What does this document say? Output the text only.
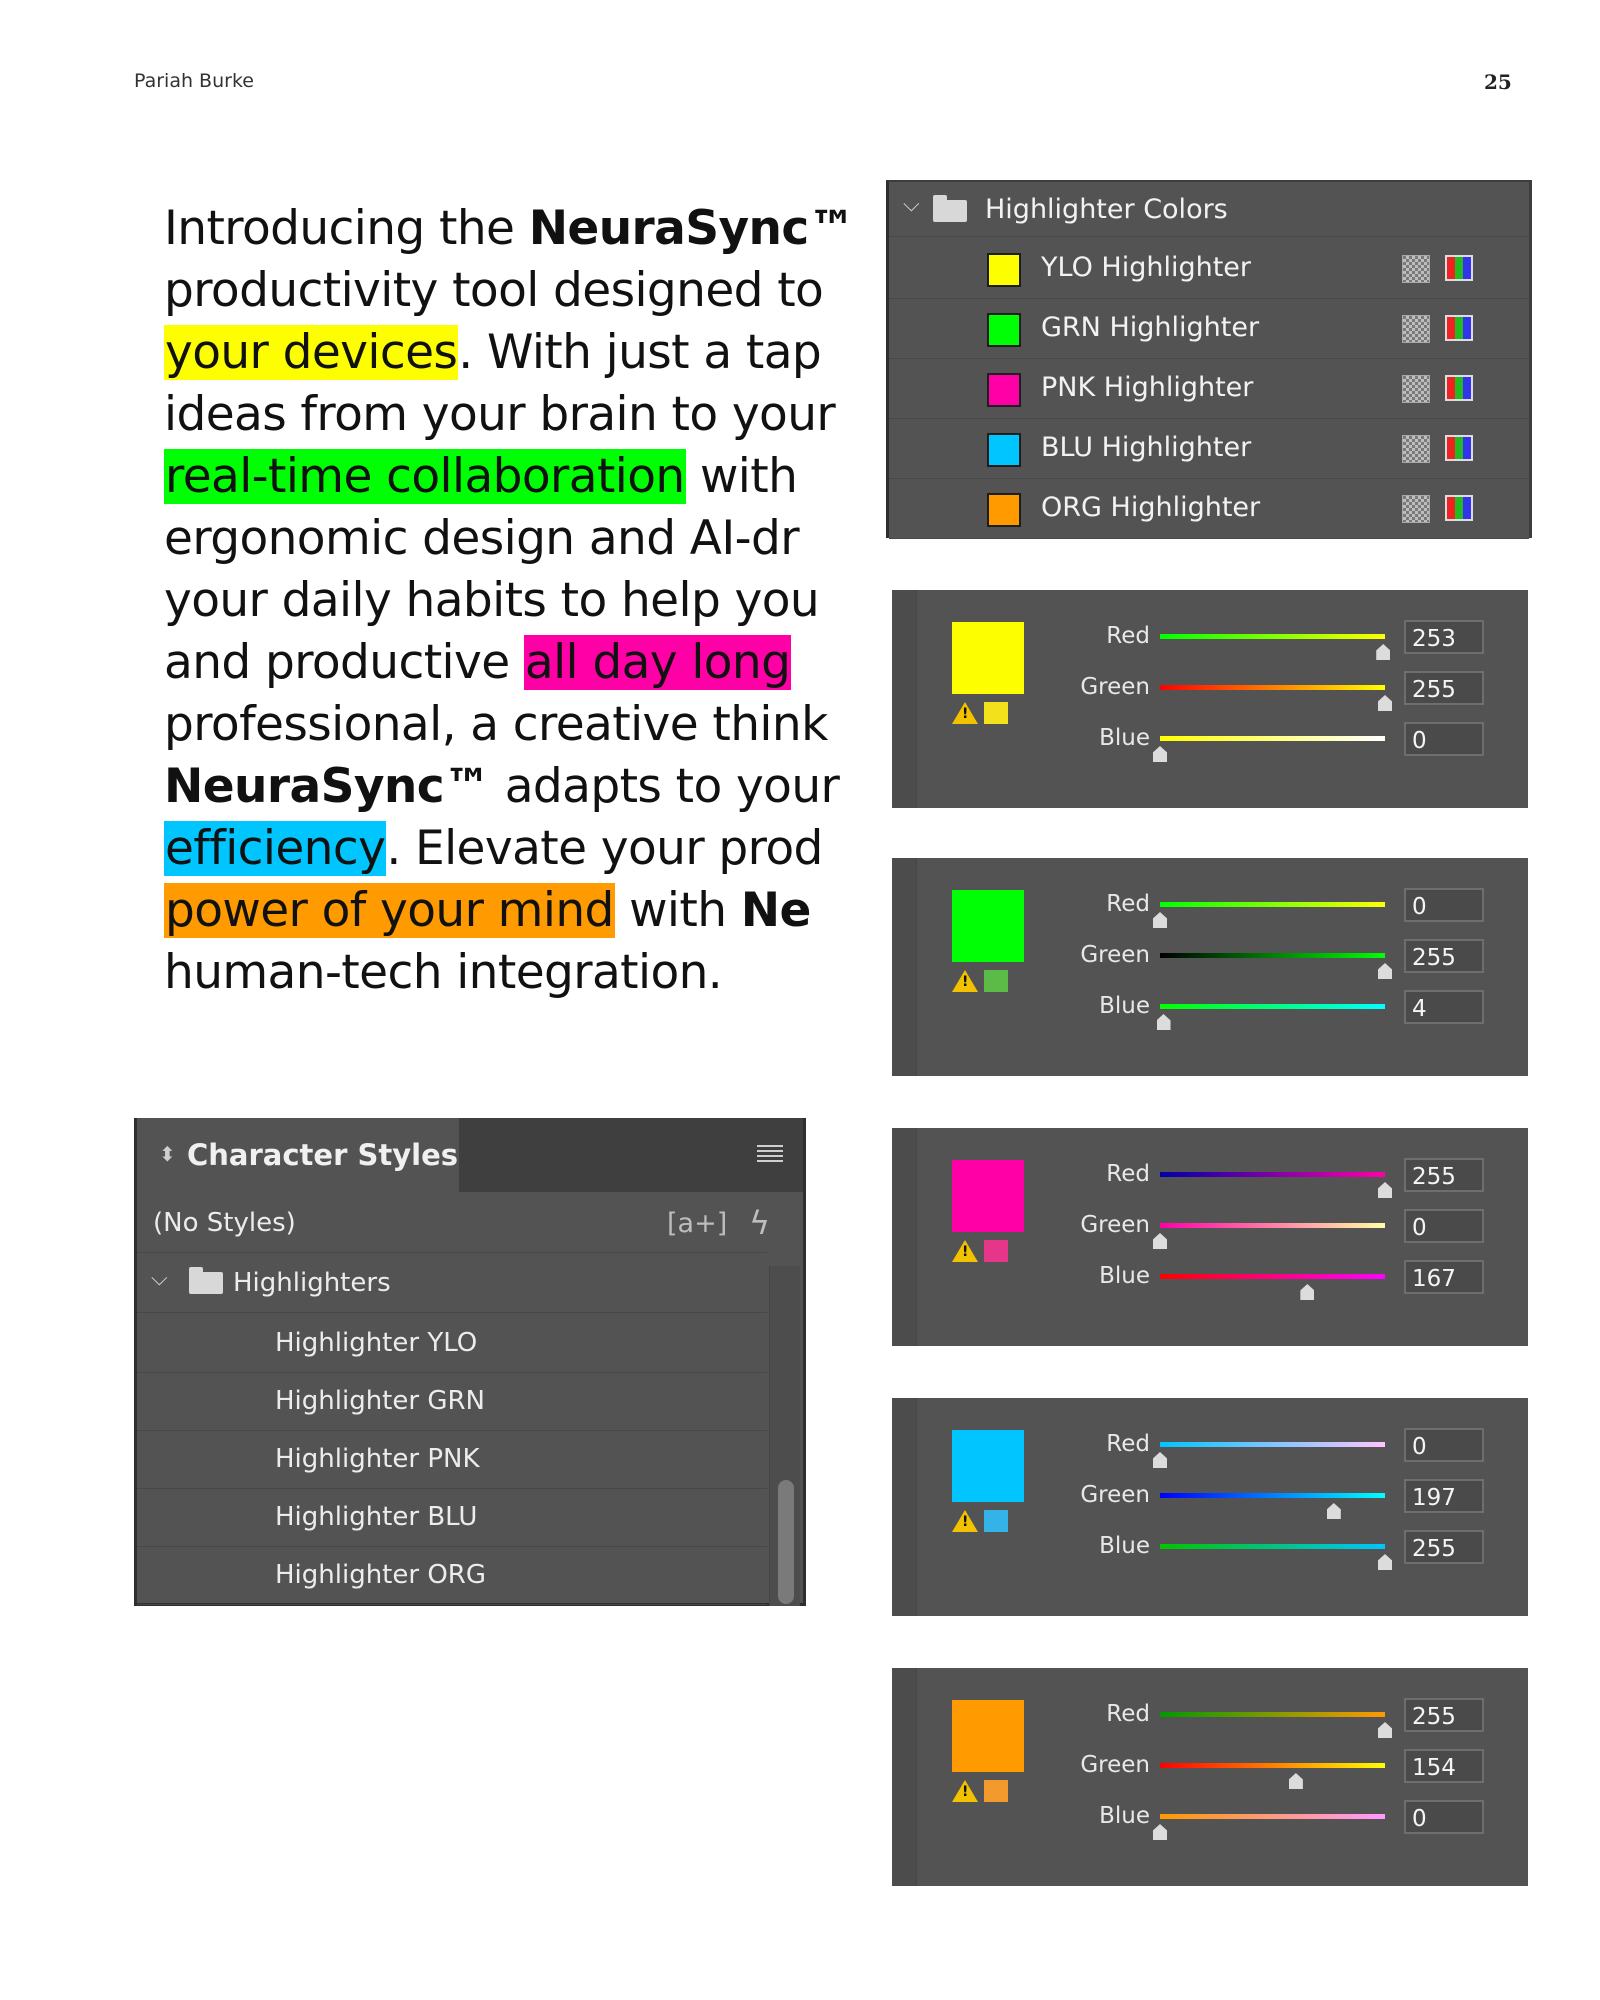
Pariah Burke	25
Introducing the NeuraSync™
productivity tool designed to
your devices. With just a tap
ideas from your brain to your
real-time collaboration with
ergonomic design and AI-dr
your daily habits to help you
and productive all day long
professional, a creative think
NeuraSync™ adapts to your
efficiency. Elevate your prod
power of your mind with Ne
human-tech integration.
⌵ Highlighter Colors
YLO Highlighter
GRN Highlighter
PNK Highlighter
BLU Highlighter
ORG Highlighter
!
Red	253
Green	255
Blue	0
!
Red	0
Green	255
Blue	4
!
Red	255
Green	0
Blue	167
!
Red	0
Green	197
Blue	255
!
Red	255
Green	154
Blue	0
⬍ Character Styles
(No Styles)	[a+] ϟ
⌵	Highlighters
Highlighter YLO
Highlighter GRN
Highlighter PNK
Highlighter BLU
Highlighter ORG
